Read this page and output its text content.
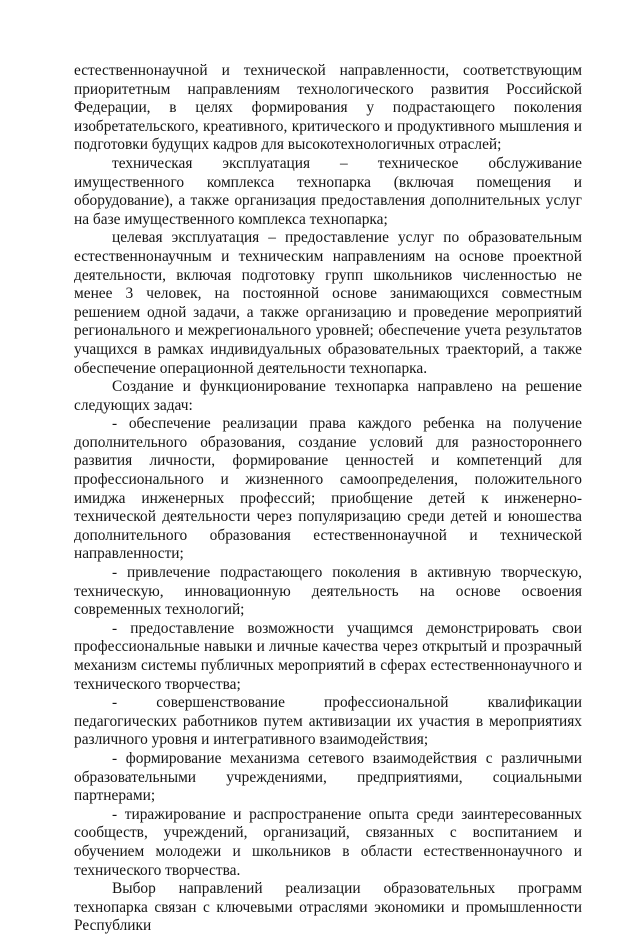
естественнонаучной и технической направленности, соответствующим приоритетным направлениям технологического развития Российской Федерации, в целях формирования у подрастающего поколения изобретательского, креативного, критического и продуктивного мышления и подготовки будущих кадров для высокотехнологичных отраслей;

техническая эксплуатация – техническое обслуживание имущественного комплекса технопарка (включая помещения и оборудование), а также организация предоставления дополнительных услуг на базе имущественного комплекса технопарка;

целевая эксплуатация – предоставление услуг по образовательным естественнонаучным и техническим направлениям на основе проектной деятельности, включая подготовку групп школьников численностью не менее 3 человек, на постоянной основе занимающихся совместным решением одной задачи, а также организацию и проведение мероприятий регионального и межрегионального уровней; обеспечение учета результатов учащихся в рамках индивидуальных образовательных траекторий, а также обеспечение операционной деятельности технопарка.

Создание и функционирование технопарка направлено на решение следующих задач:

- обеспечение реализации права каждого ребенка на получение дополнительного образования, создание условий для разностороннего развития личности, формирование ценностей и компетенций для профессионального и жизненного самоопределения, положительного имиджа инженерных профессий; приобщение детей к инженерно-технической деятельности через популяризацию среди детей и юношества дополнительного образования естественнонаучной и технической направленности;

- привлечение подрастающего поколения в активную творческую, техническую, инновационную деятельность на основе освоения современных технологий;

- предоставление возможности учащимся демонстрировать свои профессиональные навыки и личные качества через открытый и прозрачный механизм системы публичных мероприятий в сферах естественнонаучного и технического творчества;

- совершенствование профессиональной квалификации педагогических работников путем активизации их участия в мероприятиях различного уровня и интегративного взаимодействия;

- формирование механизма сетевого взаимодействия с различными образовательными учреждениями, предприятиями, социальными партнерами;

- тиражирование и распространение опыта среди заинтересованных сообществ, учреждений, организаций, связанных с воспитанием и обучением молодежи и школьников в области естественнонаучного и технического творчества.

Выбор направлений реализации образовательных программ технопарка связан с ключевыми отраслями экономики и промышленности Республики
